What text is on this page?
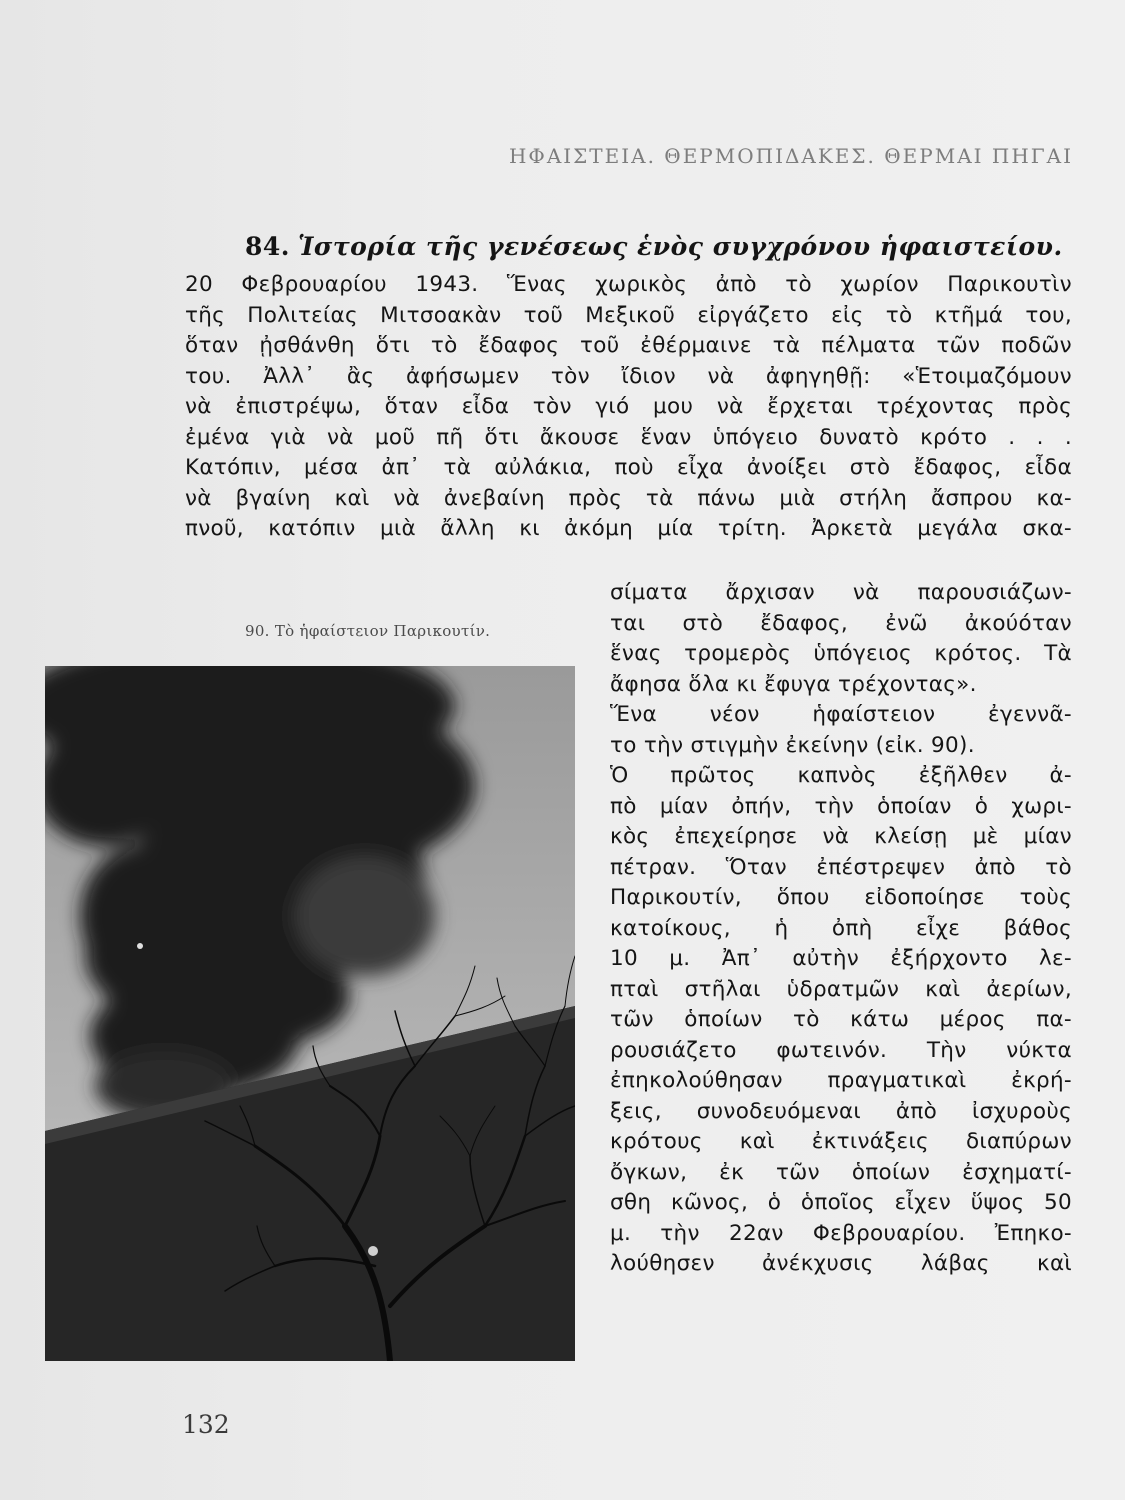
ΗΦΑΙΣΤΕΙΑ. ΘΕΡΜΟΠΙΔΑΚΕΣ. ΘΕΡΜΑΙ ΠΗΓΑΙ
84. Ἱστορία τῆς γενέσεως ἑνὸς συγχρόνου ἡφαιστείου.
20 Φεβρουαρίου 1943. Ἕνας χωρικὸς ἀπὸ τὸ χωρίον Παρικουτὶν
τῆς Πολιτείας Μιτσοακὰν τοῦ Μεξικοῦ εἰργάζετο εἰς τὸ κτῆμά του,
ὅταν ᾐσθάνθη ὅτι τὸ ἔδαφος τοῦ ἐθέρμαινε τὰ πέλματα τῶν ποδῶν
του. Ἀλλ᾽ ἂς ἀφήσωμεν τὸν ἴδιον νὰ ἀφηγηθῇ: «Ἑτοιμαζόμουν
νὰ ἐπιστρέψω, ὅταν εἶδα τὸν γιό μου νὰ ἔρχεται τρέχοντας πρὸς
ἐμένα γιὰ νὰ μοῦ πῆ ὅτι ἄκουσε ἕναν ὑπόγειο δυνατὸ κρότο . . .
Κατόπιν, μέσα ἀπ᾽ τὰ αὐλάκια, ποὺ εἶχα ἀνοίξει στὸ ἔδαφος, εἶδα
νὰ βγαίνη καὶ νὰ ἀνεβαίνη πρὸς τὰ πάνω μιὰ στήλη ἄσπρου κα-
πνοῦ, κατόπιν μιὰ ἄλλη κι ἀκόμη μία τρίτη. Ἀρκετὰ μεγάλα σκα-
90. Τὸ ἡφαίστειον Παρικουτίν.
σίματα ἄρχισαν νὰ παρουσιάζων-
ται στὸ ἔδαφος, ἐνῶ ἀκούόταν
ἕνας τρομερὸς ὑπόγειος κρότος. Τὰ
ἄφησα ὅλα κι ἔφυγα τρέχοντας».
Ἕνα νέον ἡφαίστειον ἐγεννᾶ-
το τὴν στιγμὴν ἐκείνην (εἰκ. 90).
Ὁ πρῶτος καπνὸς ἐξῆλθεν ἀ-
πὸ μίαν ὀπήν, τὴν ὁποίαν ὁ χωρι-
κὸς ἐπεχείρησε νὰ κλείσῃ μὲ μίαν
πέτραν. Ὅταν ἐπέστρεψεν ἀπὸ τὸ
Παρικουτίν, ὅπου εἰδοποίησε τοὺς
κατοίκους, ἡ ὀπὴ εἶχε βάθος
10 μ. Ἀπ᾽ αὐτὴν ἐξήρχοντο λε-
πταὶ στῆλαι ὑδρατμῶν καὶ ἀερίων,
τῶν ὁποίων τὸ κάτω μέρος πα-
ρουσιάζετο φωτεινόν. Τὴν νύκτα
ἐπηκολούθησαν πραγματικαὶ ἐκρή-
ξεις, συνοδευόμεναι ἀπὸ ἰσχυροὺς
κρότους καὶ ἐκτινάξεις διαπύρων
ὄγκων, ἐκ τῶν ὁποίων ἐσχηματί-
σθη κῶνος, ὁ ὁποῖος εἶχεν ὕψος 50
μ. τὴν 22αν Φεβρουαρίου. Ἐπηκο-
λούθησεν ἀνέκχυσις λάβας καὶ
132
